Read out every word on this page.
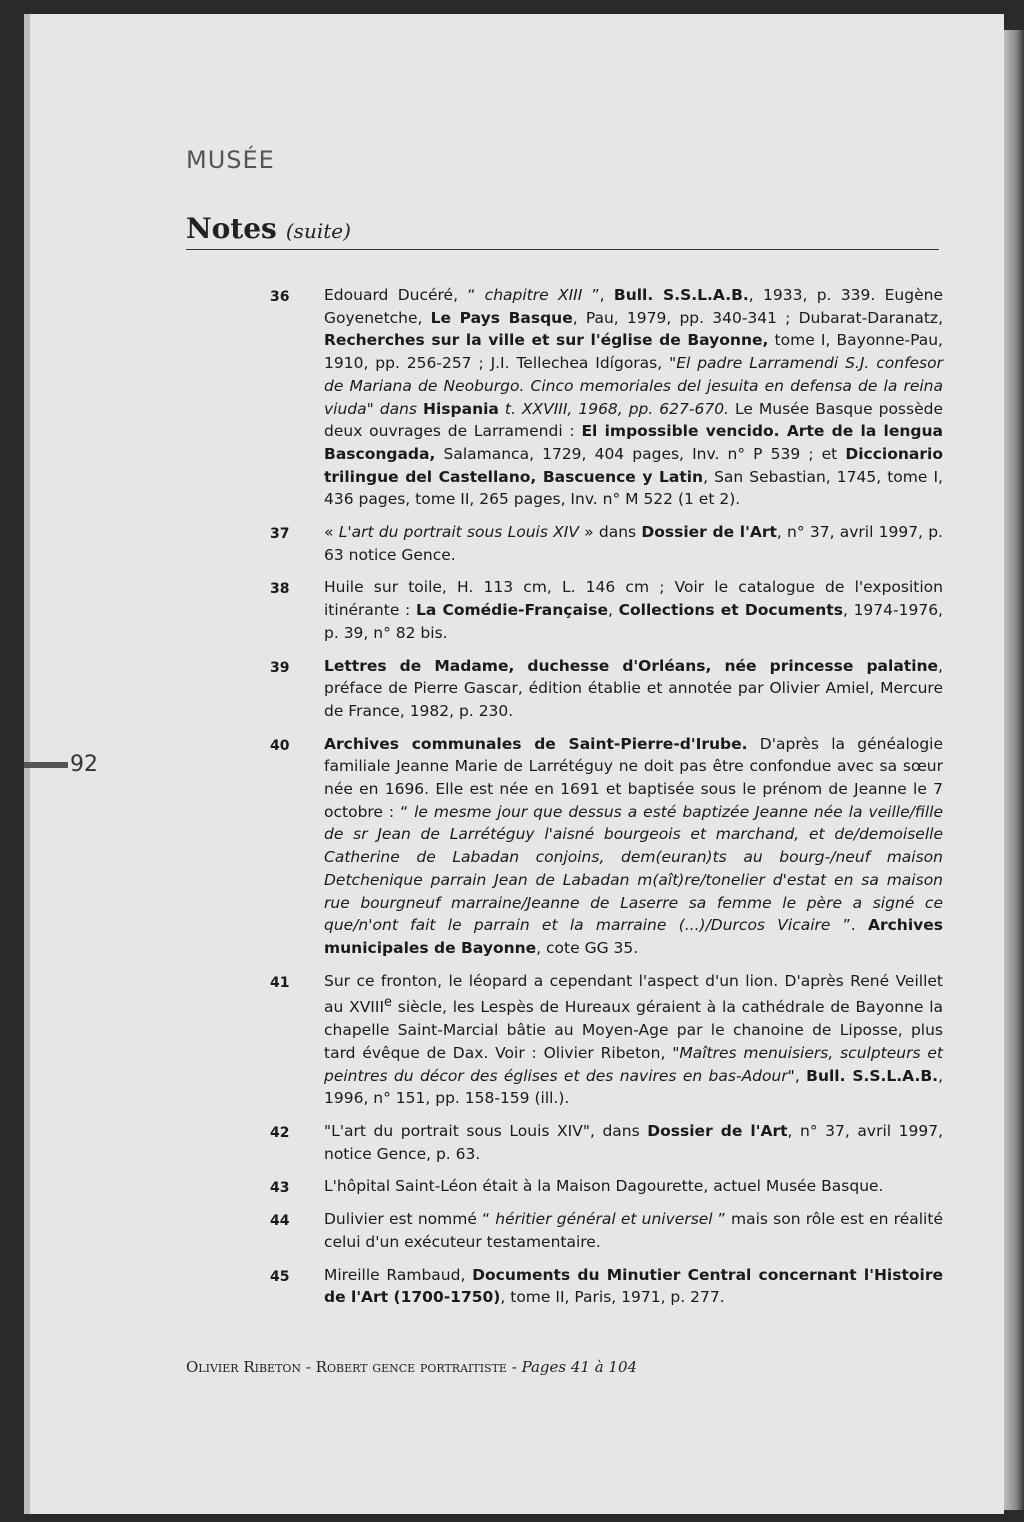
MUSÉE
Notes (suite)
36	Edouard Ducéré, “ chapitre XIII ”, Bull. S.S.L.A.B., 1933, p. 339. Eugène Goyenetche, Le Pays Basque, Pau, 1979, pp. 340-341 ; Dubarat-Daranatz, Recherches sur la ville et sur l'église de Bayonne, tome I, Bayonne-Pau, 1910, pp. 256-257 ; J.I. Tellechea Idígoras, "El padre Larramendi S.J. confesor de Mariana de Neoburgo. Cinco memoriales del jesuita en defensa de la reina viuda" dans Hispania t. XXVIII, 1968, pp. 627-670. Le Musée Basque possède deux ouvrages de Larramendi : El impossible vencido. Arte de la lengua Bascongada, Salamanca, 1729, 404 pages, Inv. n° P 539 ; et Diccionario trilingue del Castellano, Bascuence y Latin, San Sebastian, 1745, tome I, 436 pages, tome II, 265 pages, Inv. n° M 522 (1 et 2).
37	« L'art du portrait sous Louis XIV » dans Dossier de l'Art, n° 37, avril 1997, p. 63 notice Gence.
38	Huile sur toile, H. 113 cm, L. 146 cm ; Voir le catalogue de l'exposition itinérante : La Comédie-Française, Collections et Documents, 1974-1976, p. 39, n° 82 bis.
39	Lettres de Madame, duchesse d'Orléans, née princesse palatine, préface de Pierre Gascar, édition établie et annotée par Olivier Amiel, Mercure de France, 1982, p. 230.
40	Archives communales de Saint-Pierre-d'Irube. D'après la généalogie familiale Jeanne Marie de Larrétéguy ne doit pas être confondue avec sa sœur née en 1696. Elle est née en 1691 et baptisée sous le prénom de Jeanne le 7 octobre : “ le mesme jour que dessus a esté baptizée Jeanne née la veille/fille de sr Jean de Larrétéguy l'aisné bourgeois et marchand, et de/demoiselle Catherine de Labadan conjoins, dem(euran)ts au bourg-/neuf maison Detchenique parrain Jean de Labadan m(aît)re/tonelier d'estat en sa maison rue bourgneuf marraine/Jeanne de Laserre sa femme le père a signé ce que/n'ont fait le parrain et la marraine (...)/Durcos Vicaire ”. Archives municipales de Bayonne, cote GG 35.
41	Sur ce fronton, le léopard a cependant l'aspect d'un lion. D'après René Veillet au XVIIIe siècle, les Lespès de Hureaux géraient à la cathédrale de Bayonne la chapelle Saint-Marcial bâtie au Moyen-Age par le chanoine de Liposse, plus tard évêque de Dax. Voir : Olivier Ribeton, "Maîtres menuisiers, sculpteurs et peintres du décor des églises et des navires en bas-Adour", Bull. S.S.L.A.B., 1996, n° 151, pp. 158-159 (ill.).
42	"L'art du portrait sous Louis XIV", dans Dossier de l'Art, n° 37, avril 1997, notice Gence, p. 63.
43	L'hôpital Saint-Léon était à la Maison Dagourette, actuel Musée Basque.
44	Dulivier est nommé “ héritier général et universel ” mais son rôle est en réalité celui d'un exécuteur testamentaire.
45	Mireille Rambaud, Documents du Minutier Central concernant l'Histoire de l'Art (1700-1750), tome II, Paris, 1971, p. 277.
92
Olivier Ribeton - Robert gence portraitiste - Pages 41 à 104
